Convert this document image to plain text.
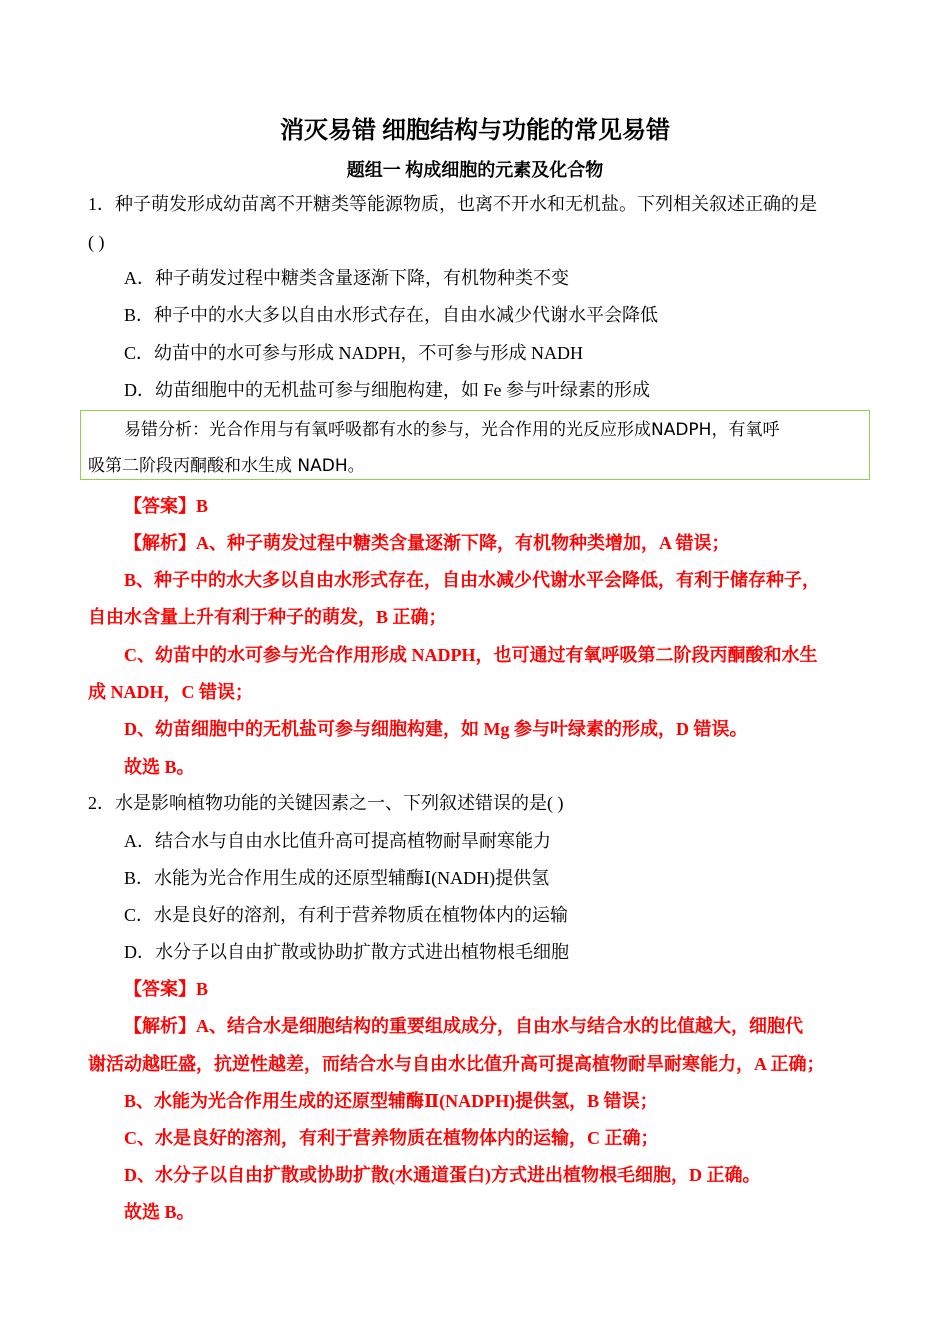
消灭易错 细胞结构与功能的常见易错
题组一 构成细胞的元素及化合物
1．种子萌发形成幼苗离不开糖类等能源物质，也离不开水和无机盐。下列相关叙述正确的是
( )
A．种子萌发过程中糖类含量逐渐下降，有机物种类不变
B．种子中的水大多以自由水形式存在，自由水减少代谢水平会降低
C．幼苗中的水可参与形成 NADPH，不可参与形成 NADH
D．幼苗细胞中的无机盐可参与细胞构建，如 Fe 参与叶绿素的形成
易错分析：光合作用与有氧呼吸都有水的参与，光合作用的光反应形成NADPH，有氧呼
吸第二阶段丙酮酸和水生成 NADH。
【答案】B
【解析】A、种子萌发过程中糖类含量逐渐下降，有机物种类增加，A 错误；
B、种子中的水大多以自由水形式存在，自由水减少代谢水平会降低，有利于储存种子，
自由水含量上升有利于种子的萌发，B 正确；
C、幼苗中的水可参与光合作用形成 NADPH，也可通过有氧呼吸第二阶段丙酮酸和水生
成 NADH，C 错误；
D、幼苗细胞中的无机盐可参与细胞构建，如 Mg 参与叶绿素的形成，D 错误。
故选 B。
2．水是影响植物功能的关键因素之一、下列叙述错误的是( )
A．结合水与自由水比值升高可提高植物耐旱耐寒能力
B．水能为光合作用生成的还原型辅酶Ⅰ(NADH)提供氢
C．水是良好的溶剂，有利于营养物质在植物体内的运输
D．水分子以自由扩散或协助扩散方式进出植物根毛细胞
【答案】B
【解析】A、结合水是细胞结构的重要组成成分，自由水与结合水的比值越大，细胞代
谢活动越旺盛，抗逆性越差，而结合水与自由水比值升高可提高植物耐旱耐寒能力，A 正确；
B、水能为光合作用生成的还原型辅酶Ⅱ(NADPH)提供氢，B 错误；
C、水是良好的溶剂，有利于营养物质在植物体内的运输，C 正确；
D、水分子以自由扩散或协助扩散(水通道蛋白)方式进出植物根毛细胞，D 正确。
故选 B。
